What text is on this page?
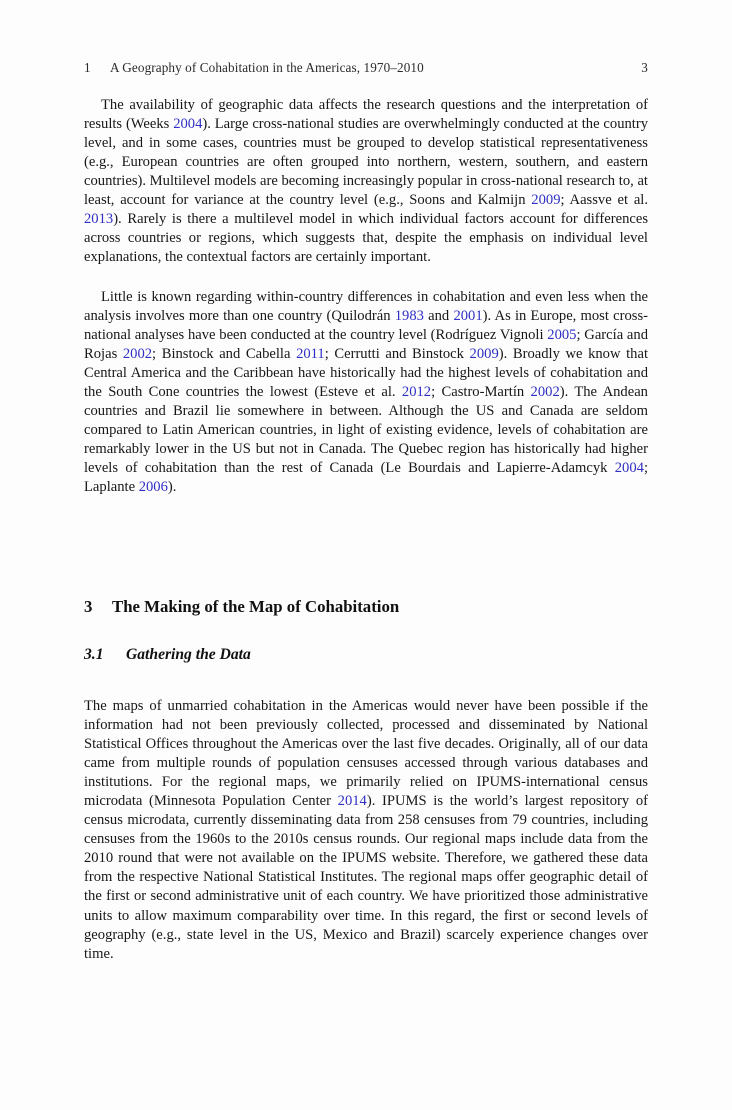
1	A Geography of Cohabitation in the Americas, 1970–2010	3

The availability of geographic data affects the research questions and the interpretation of results (Weeks 2004). Large cross-national studies are overwhelmingly conducted at the country level, and in some cases, countries must be grouped to develop statistical representativeness (e.g., European countries are often grouped into northern, western, southern, and eastern countries). Multilevel models are becoming increasingly popular in cross-national research to, at least, account for variance at the country level (e.g., Soons and Kalmijn 2009; Aassve et al. 2013). Rarely is there a multilevel model in which individual factors account for differences across countries or regions, which suggests that, despite the emphasis on individual level explanations, the contextual factors are certainly important.

Little is known regarding within-country differences in cohabitation and even less when the analysis involves more than one country (Quilodrán 1983 and 2001). As in Europe, most cross-national analyses have been conducted at the country level (Rodríguez Vignoli 2005; García and Rojas 2002; Binstock and Cabella 2011; Cerrutti and Binstock 2009). Broadly we know that Central America and the Caribbean have historically had the highest levels of cohabitation and the South Cone countries the lowest (Esteve et al. 2012; Castro-Martín 2002). The Andean countries and Brazil lie somewhere in between. Although the US and Canada are seldom compared to Latin American countries, in light of existing evidence, levels of cohabitation are remarkably lower in the US but not in Canada. The Quebec region has historically had higher levels of cohabitation than the rest of Canada (Le Bourdais and Lapierre-Adamcyk 2004; Laplante 2006).

3	The Making of the Map of Cohabitation
3.1	Gathering the Data

The maps of unmarried cohabitation in the Americas would never have been possible if the information had not been previously collected, processed and disseminated by National Statistical Offices throughout the Americas over the last five decades. Originally, all of our data came from multiple rounds of population censuses accessed through various databases and institutions. For the regional maps, we primarily relied on IPUMS-international census microdata (Minnesota Population Center 2014). IPUMS is the world’s largest repository of census microdata, currently disseminating data from 258 censuses from 79 countries, including censuses from the 1960s to the 2010s census rounds. Our regional maps include data from the 2010 round that were not available on the IPUMS website. Therefore, we gathered these data from the respective National Statistical Institutes. The regional maps offer geographic detail of the first or second administrative unit of each country. We have prioritized those administrative units to allow maximum comparability over time. In this regard, the first or second levels of geography (e.g., state level in the US, Mexico and Brazil) scarcely experience changes over time.
